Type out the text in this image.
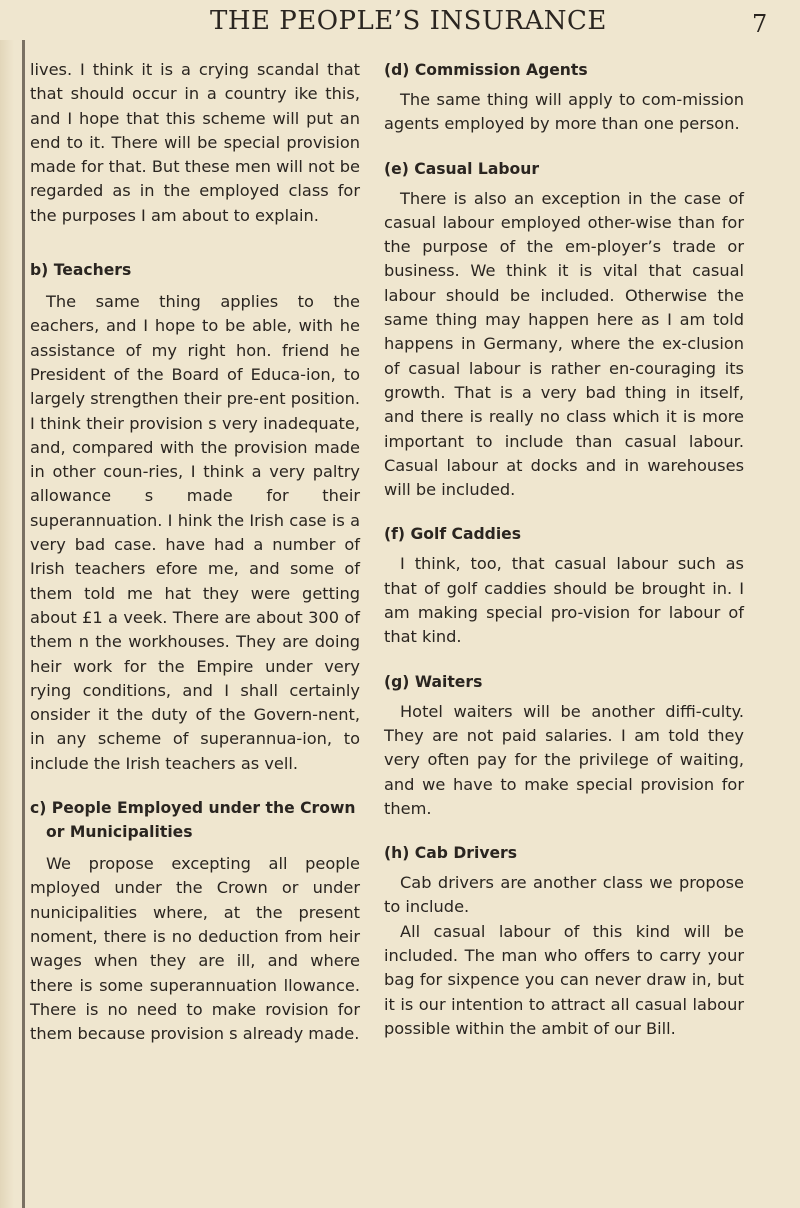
THE PEOPLE’S INSURANCE	7

lives. I think it is a crying scandal that that should occur in a country ike this, and I hope that this scheme will put an end to it. There will be special provision made for that. But these men will not be regarded as in the employed class for the purposes I am about to explain.

b) Teachers

The same thing applies to the eachers, and I hope to be able, with he assistance of my right hon. friend he President of the Board of Educa-ion, to largely strengthen their pre-ent position. I think their provision s very inadequate, and, compared with the provision made in other coun-ries, I think a very paltry allowance s made for their superannuation. I hink the Irish case is a very bad case. have had a number of Irish teachers efore me, and some of them told me hat they were getting about £1 a veek. There are about 300 of them n the workhouses. They are doing heir work for the Empire under very rying conditions, and I shall certainly onsider it the duty of the Govern-nent, in any scheme of superannua-ion, to include the Irish teachers as vell.

c) People Employed under the Crown or Municipalities

We propose excepting all people mployed under the Crown or under nunicipalities where, at the present noment, there is no deduction from heir wages when they are ill, and where there is some superannuation llowance. There is no need to make rovision for them because provision s already made.

(d) Commission Agents

The same thing will apply to com-mission agents employed by more than one person.

(e) Casual Labour

There is also an exception in the case of casual labour employed other-wise than for the purpose of the em-ployer’s trade or business. We think it is vital that casual labour should be included. Otherwise the same thing may happen here as I am told happens in Germany, where the ex-clusion of casual labour is rather en-couraging its growth. That is a very bad thing in itself, and there is really no class which it is more important to include than casual labour. Casual labour at docks and in warehouses will be included.

(f) Golf Caddies

I think, too, that casual labour such as that of golf caddies should be brought in. I am making special pro-vision for labour of that kind.

(g) Waiters

Hotel waiters will be another diffi-culty. They are not paid salaries. I am told they very often pay for the privilege of waiting, and we have to make special provision for them.

(h) Cab Drivers

Cab drivers are another class we propose to include.

All casual labour of this kind will be included. The man who offers to carry your bag for sixpence you can never draw in, but it is our intention to attract all casual labour possible within the ambit of our Bill.
